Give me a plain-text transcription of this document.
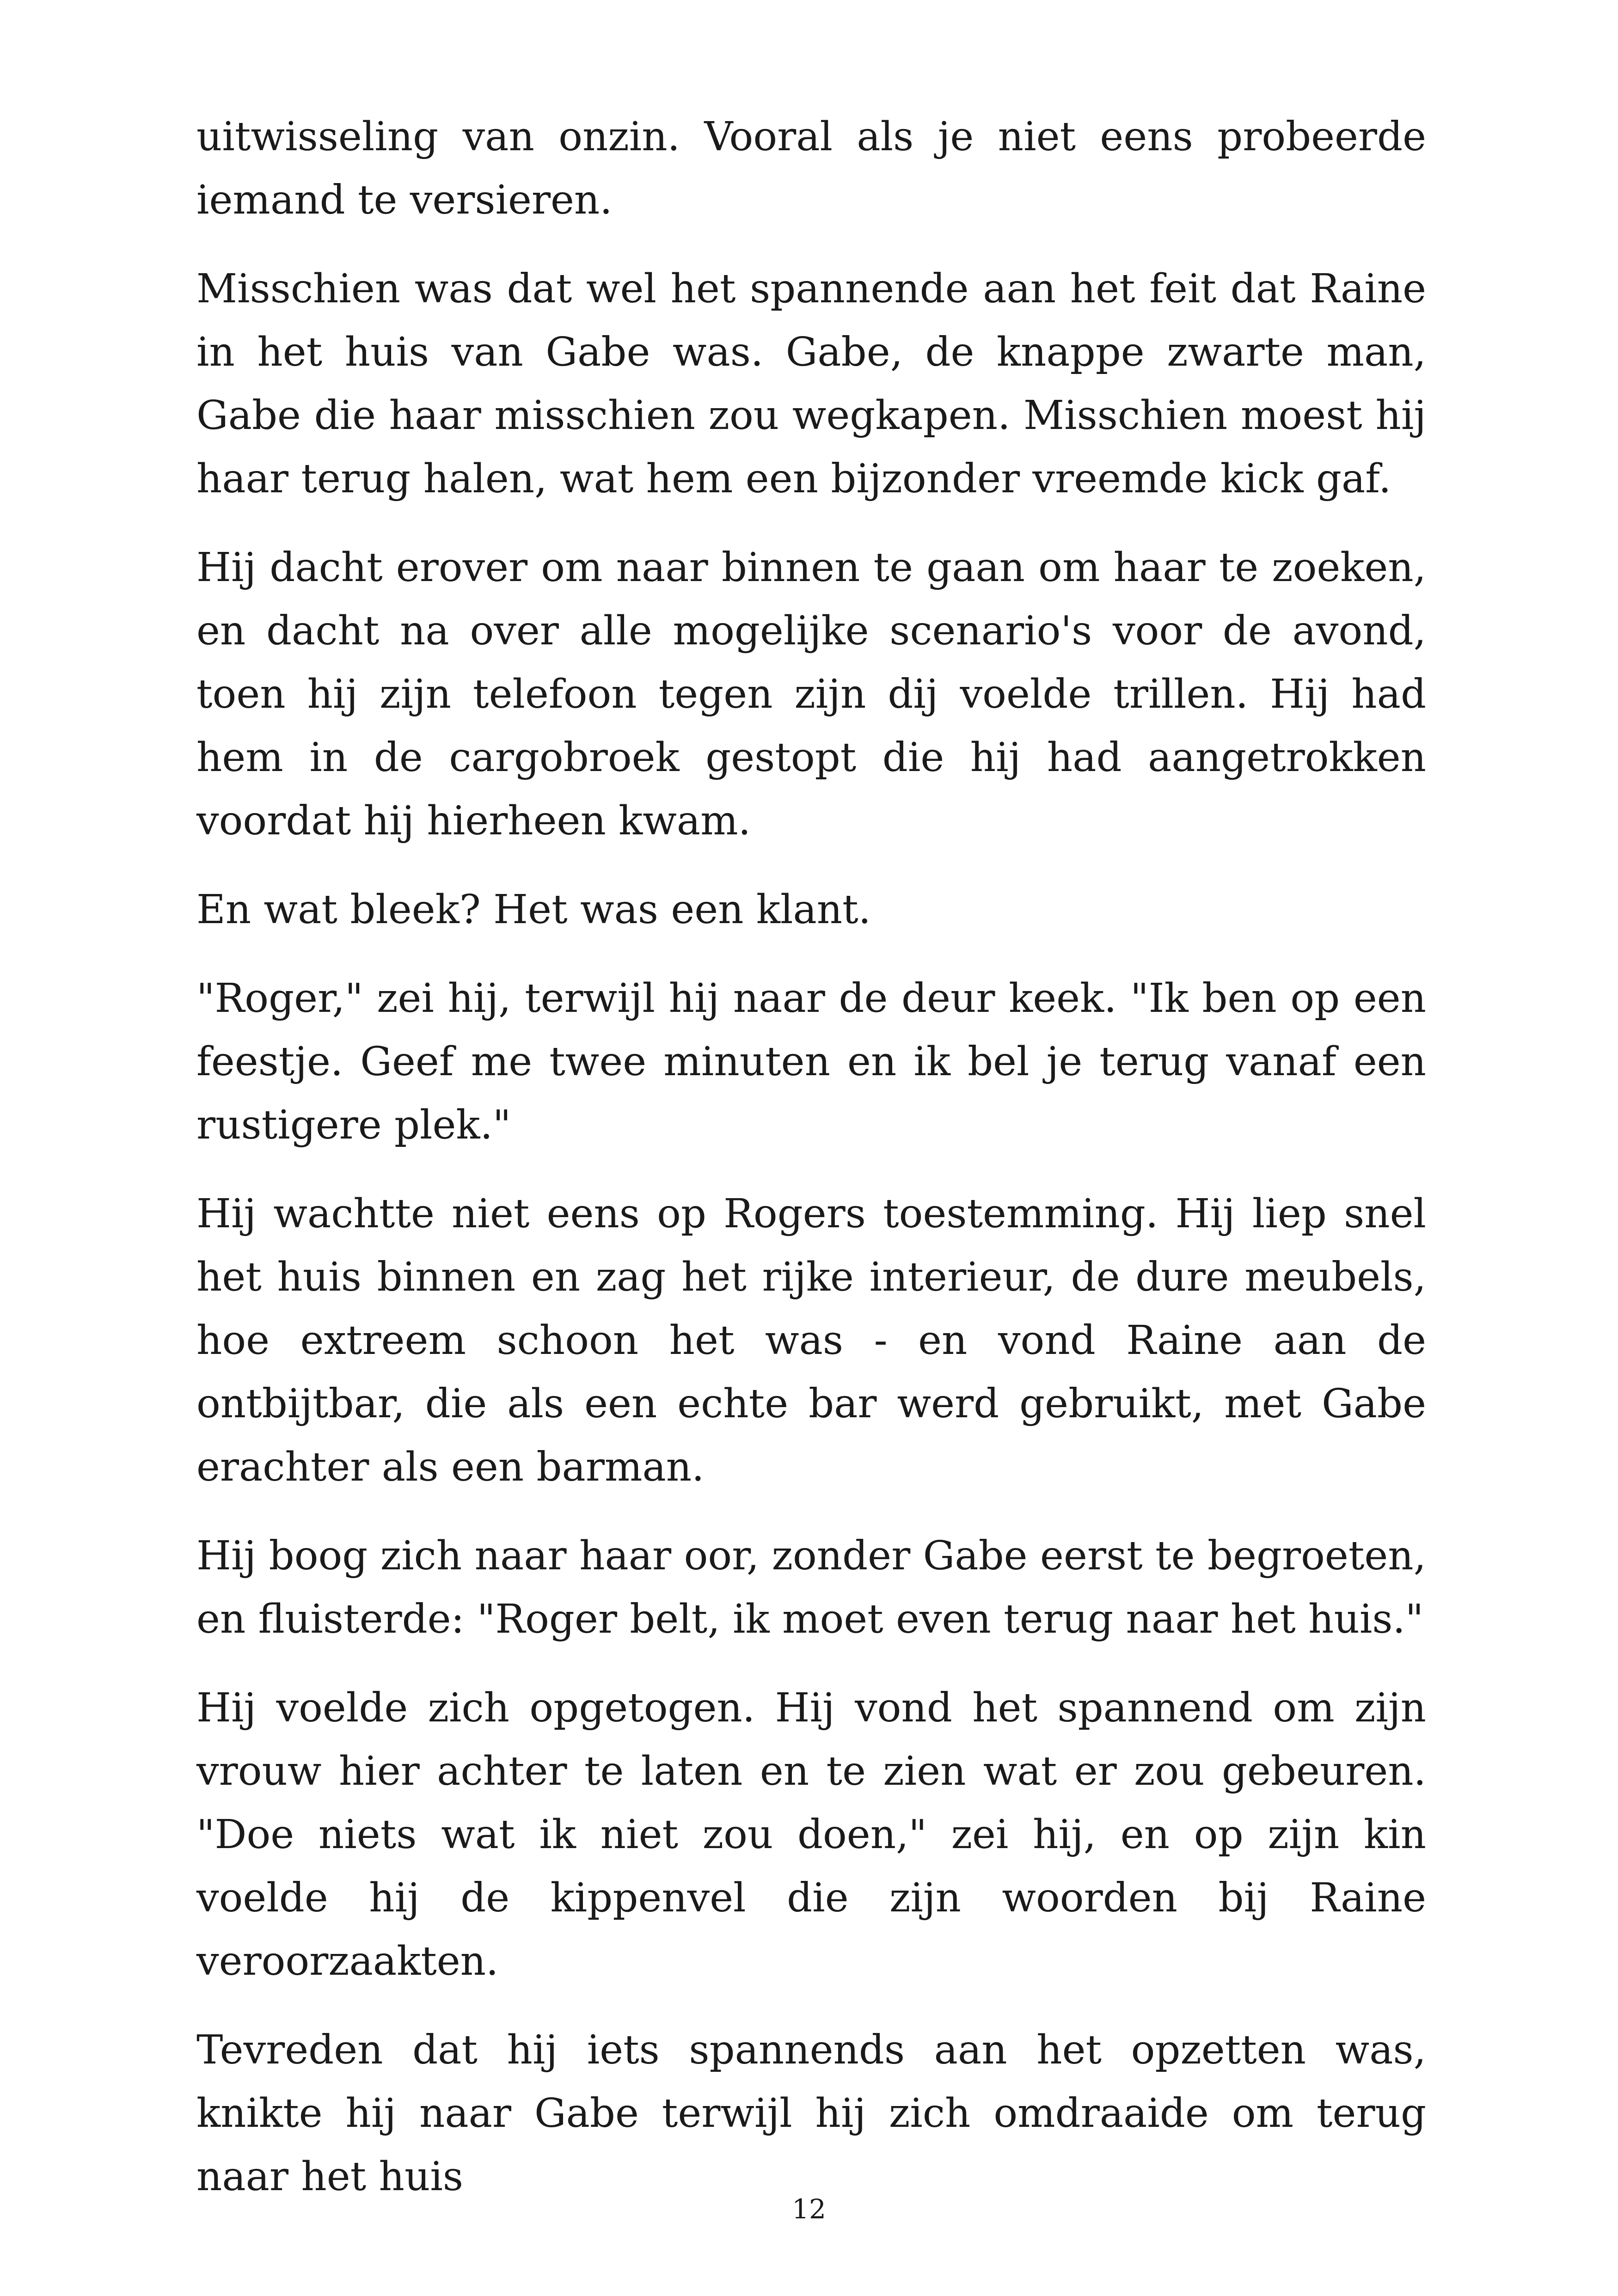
uitwisseling van onzin. Vooral als je niet eens probeerde iemand te versieren.

Misschien was dat wel het spannende aan het feit dat Raine in het huis van Gabe was. Gabe, de knappe zwarte man, Gabe die haar misschien zou wegkapen. Misschien moest hij haar terug halen, wat hem een bijzonder vreemde kick gaf.

Hij dacht erover om naar binnen te gaan om haar te zoeken, en dacht na over alle mogelijke scenario's voor de avond, toen hij zijn telefoon tegen zijn dij voelde trillen. Hij had hem in de cargobroek gestopt die hij had aangetrokken voordat hij hierheen kwam.

En wat bleek? Het was een klant.

"Roger," zei hij, terwijl hij naar de deur keek. "Ik ben op een feestje. Geef me twee minuten en ik bel je terug vanaf een rustigere plek."

Hij wachtte niet eens op Rogers toestemming. Hij liep snel het huis binnen en zag het rijke interieur, de dure meubels, hoe extreem schoon het was - en vond Raine aan de ontbijtbar, die als een echte bar werd gebruikt, met Gabe erachter als een barman.

Hij boog zich naar haar oor, zonder Gabe eerst te begroeten, en fluisterde: "Roger belt, ik moet even terug naar het huis."

Hij voelde zich opgetogen. Hij vond het spannend om zijn vrouw hier achter te laten en te zien wat er zou gebeuren. "Doe niets wat ik niet zou doen," zei hij, en op zijn kin voelde hij de kippenvel die zijn woorden bij Raine veroorzaakten.

Tevreden dat hij iets spannends aan het opzetten was, knikte hij naar Gabe terwijl hij zich omdraaide om terug naar het huis

12
